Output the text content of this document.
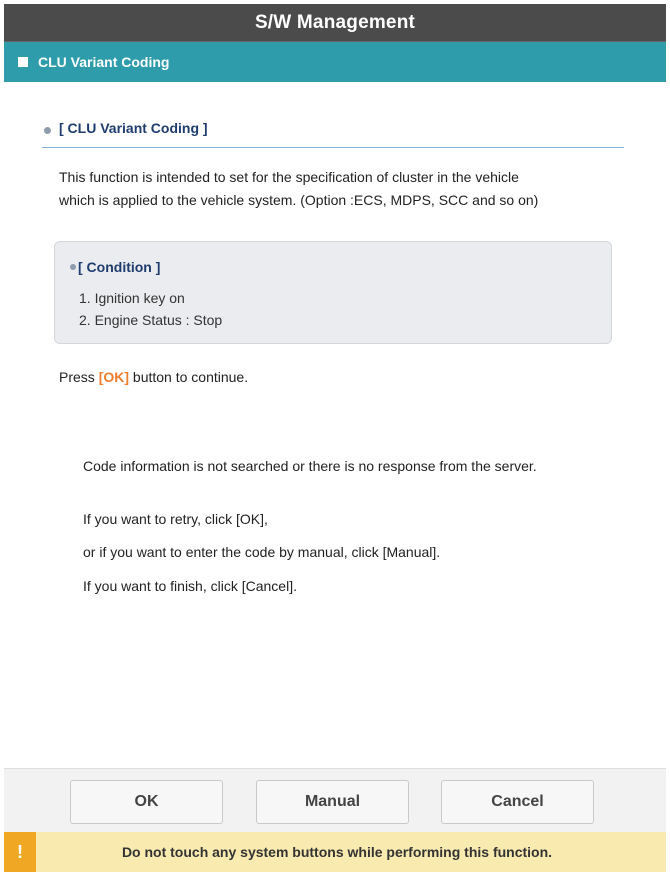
S/W Management
CLU Variant Coding
[ CLU Variant Coding ]
This function is intended to set for the specification of cluster in the vehicle
which is applied to the vehicle system. (Option :ECS, MDPS, SCC and so on)
[ Condition ]
1. Ignition key on
2. Engine Status : Stop
Press [OK] button to continue.
Code information is not searched or there is no response from the server.
If you want to retry, click [OK],
or if you want to enter the code by manual, click [Manual].
If you want to finish, click [Cancel].
OK	Manual	Cancel
!	Do not touch any system buttons while performing this function.
